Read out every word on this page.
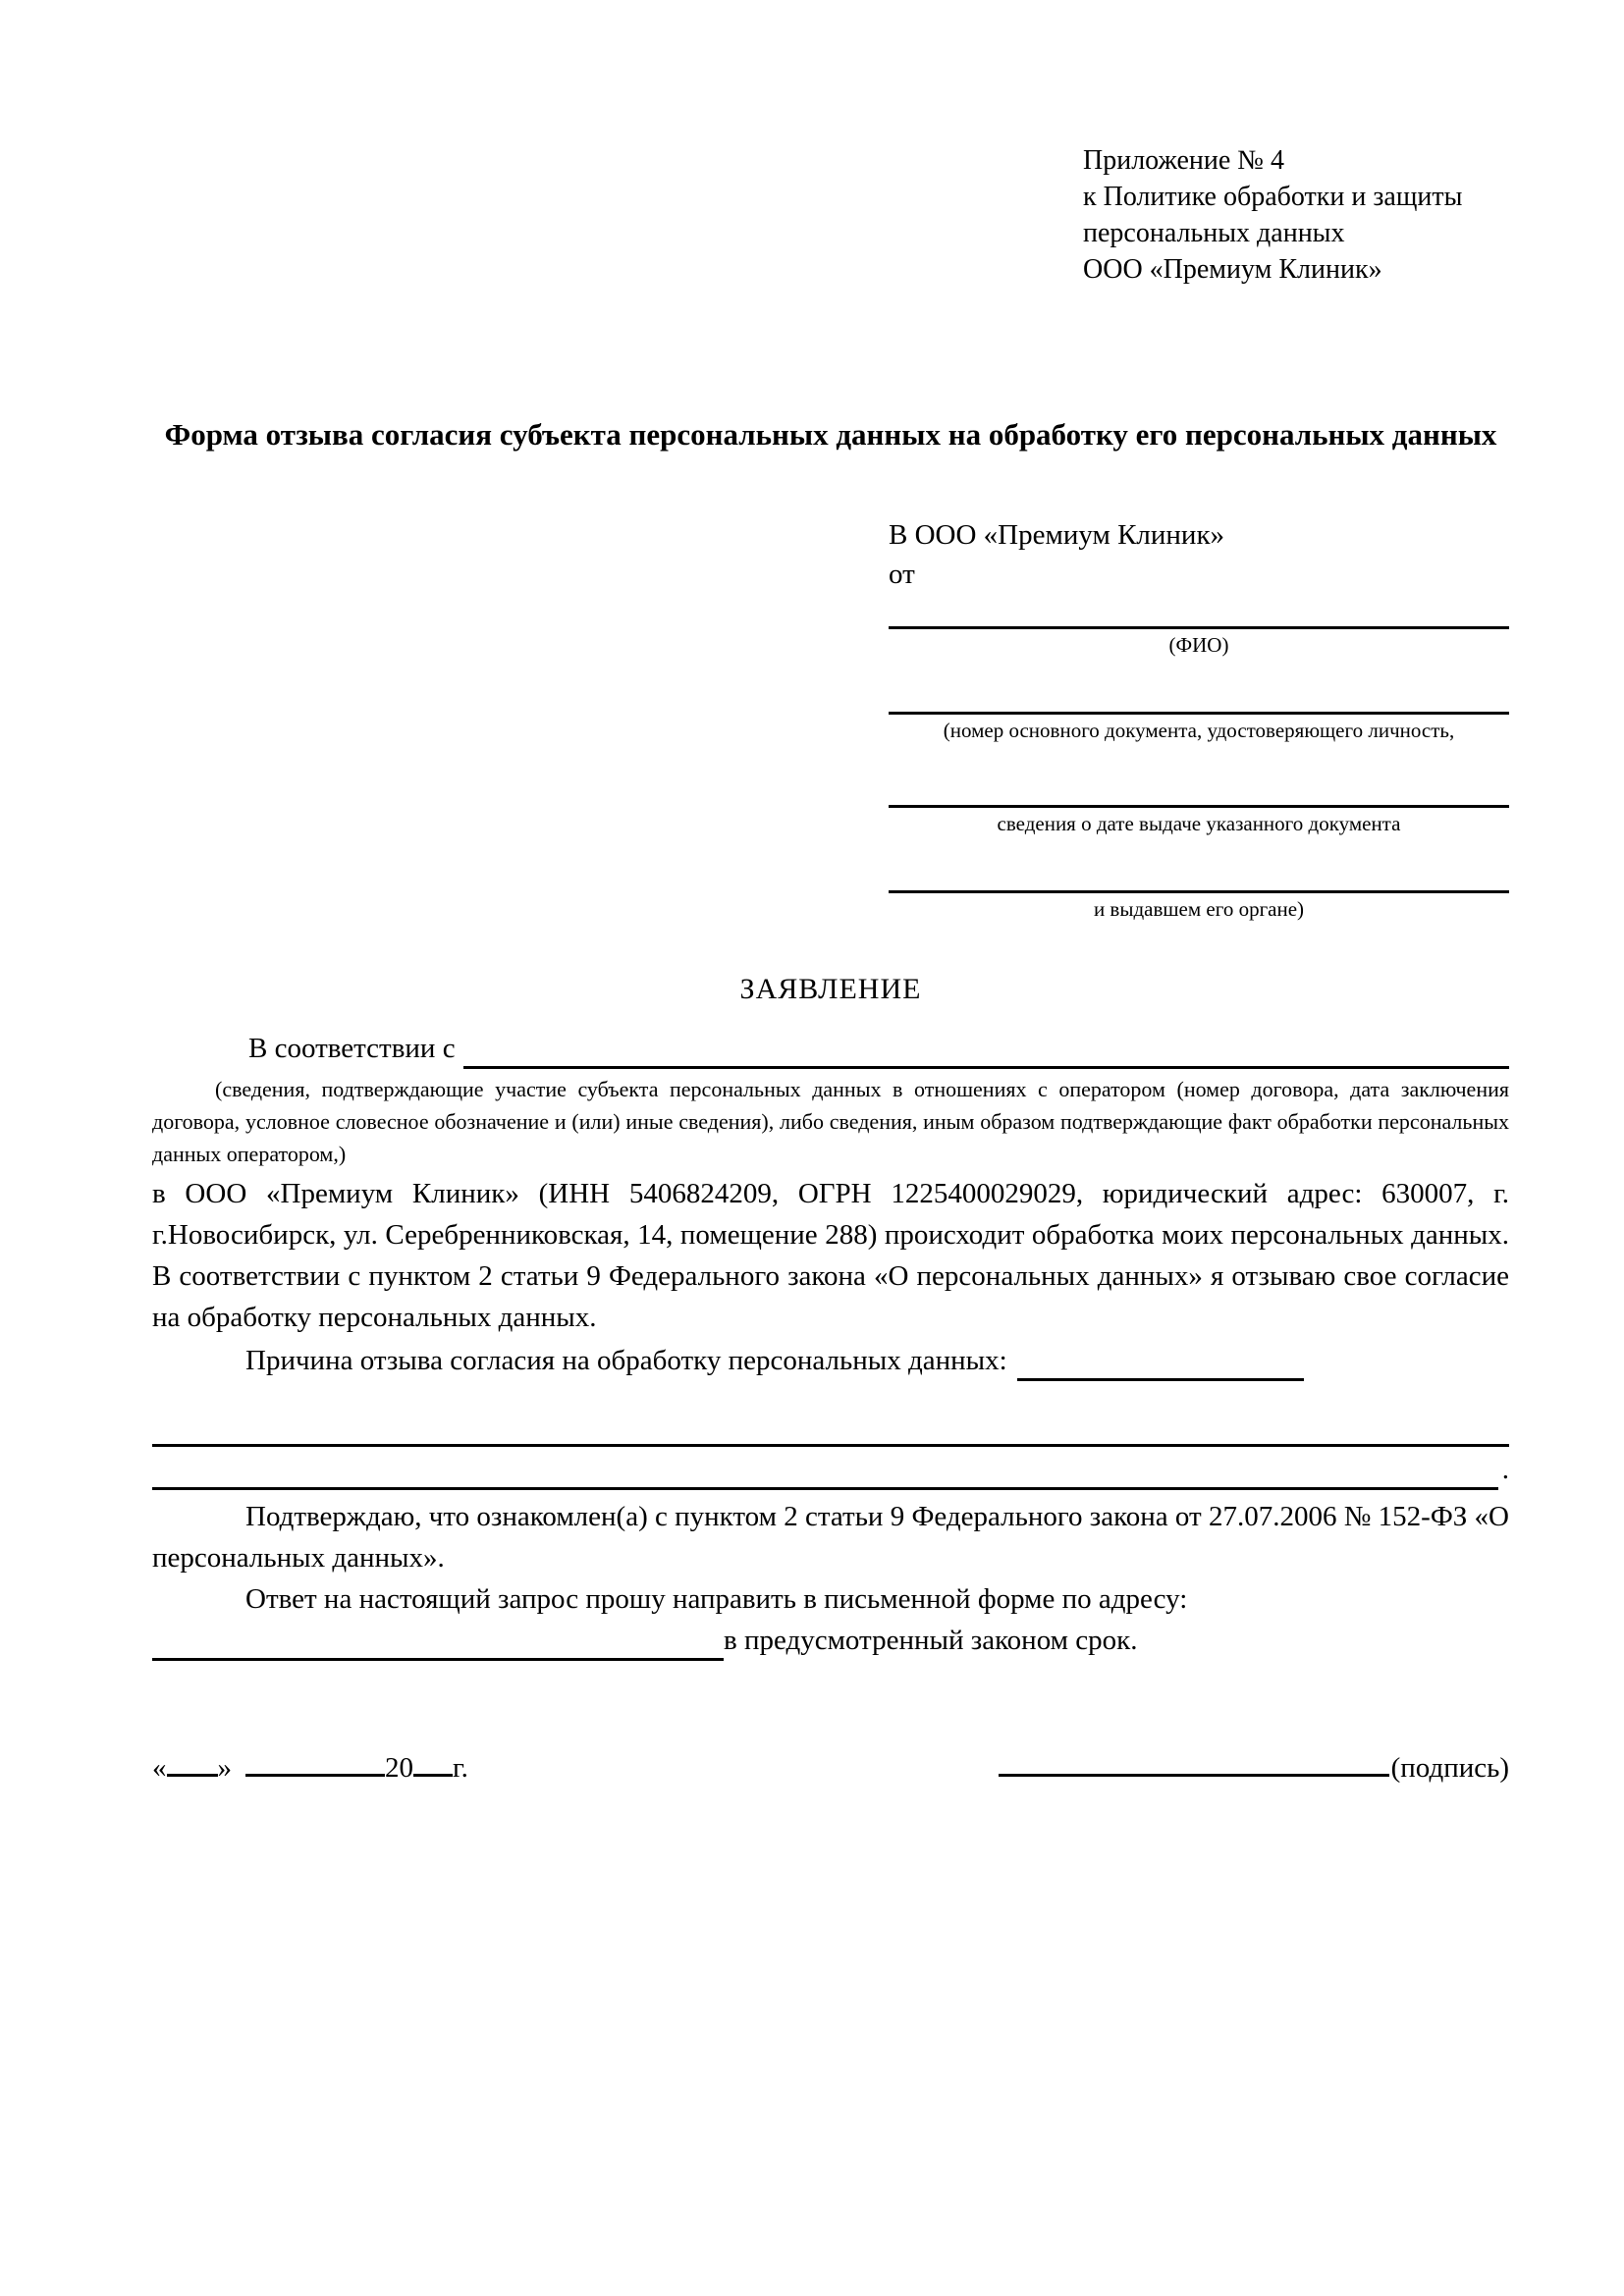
Приложение № 4
к Политике обработки и защиты
персональных данных
ООО «Премиум Клиник»
Форма отзыва согласия субъекта персональных данных на обработку его персональных данных
В ООО «Премиум Клиник»
от
(ФИО)
(номер основного документа, удостоверяющего личность,
сведения о дате выдаче указанного документа
и выдавшем его органе)
ЗАЯВЛЕНИЕ
В соответствии с

(сведения, подтверждающие участие субъекта персональных данных в отношениях с оператором (номер договора, дата заключения договора, условное словесное обозначение и (или) иные сведения), либо сведения, иным образом подтверждающие факт обработки персональных данных оператором,)

в ООО «Премиум Клиник» (ИНН 5406824209, ОГРН 1225400029029, юридический адрес: 630007, г. г.Новосибирск, ул. Серебренниковская, 14, помещение 288) происходит обработка моих персональных данных. В соответствии с пунктом 2 статьи 9 Федерального закона «О персональных данных» я отзываю свое согласие на обработку персональных данных.

Причина отзыва согласия на обработку персональных данных:
.

Подтверждаю, что ознакомлен(а) с пунктом 2 статьи 9 Федерального закона от 27.07.2006 № 152-ФЗ «О персональных данных».

Ответ на настоящий запрос прошу направить в письменной форме по адресу:

в предусмотренный законом срок.
« »	20 г.	(подпись)
